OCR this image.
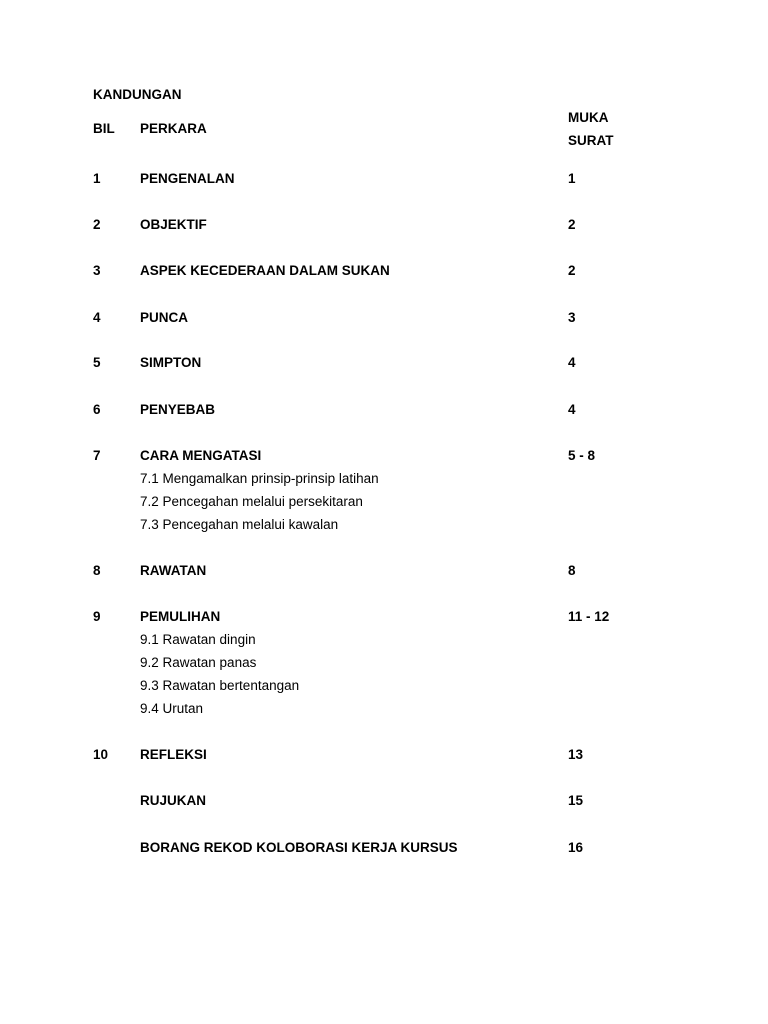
KANDUNGAN
BIL PERKARA
MUKA
SURAT
1	PENGENALAN	1
2	OBJEKTIF	2
3	ASPEK KECEDERAAN DALAM SUKAN	2
4	PUNCA	3
5	SIMPTON	4
6	PENYEBAB	4
7	CARA MENGATASI	5 - 8
7.1 Mengamalkan prinsip-prinsip latihan
7.2 Pencegahan melalui persekitaran
7.3 Pencegahan melalui kawalan
8	RAWATAN	8
9	PEMULIHAN	11 - 12
9.1 Rawatan dingin
9.2 Rawatan panas
9.3 Rawatan bertentangan
9.4 Urutan
10 REFLEKSI	13
RUJUKAN	15
BORANG REKOD KOLOBORASI KERJA KURSUS	16
